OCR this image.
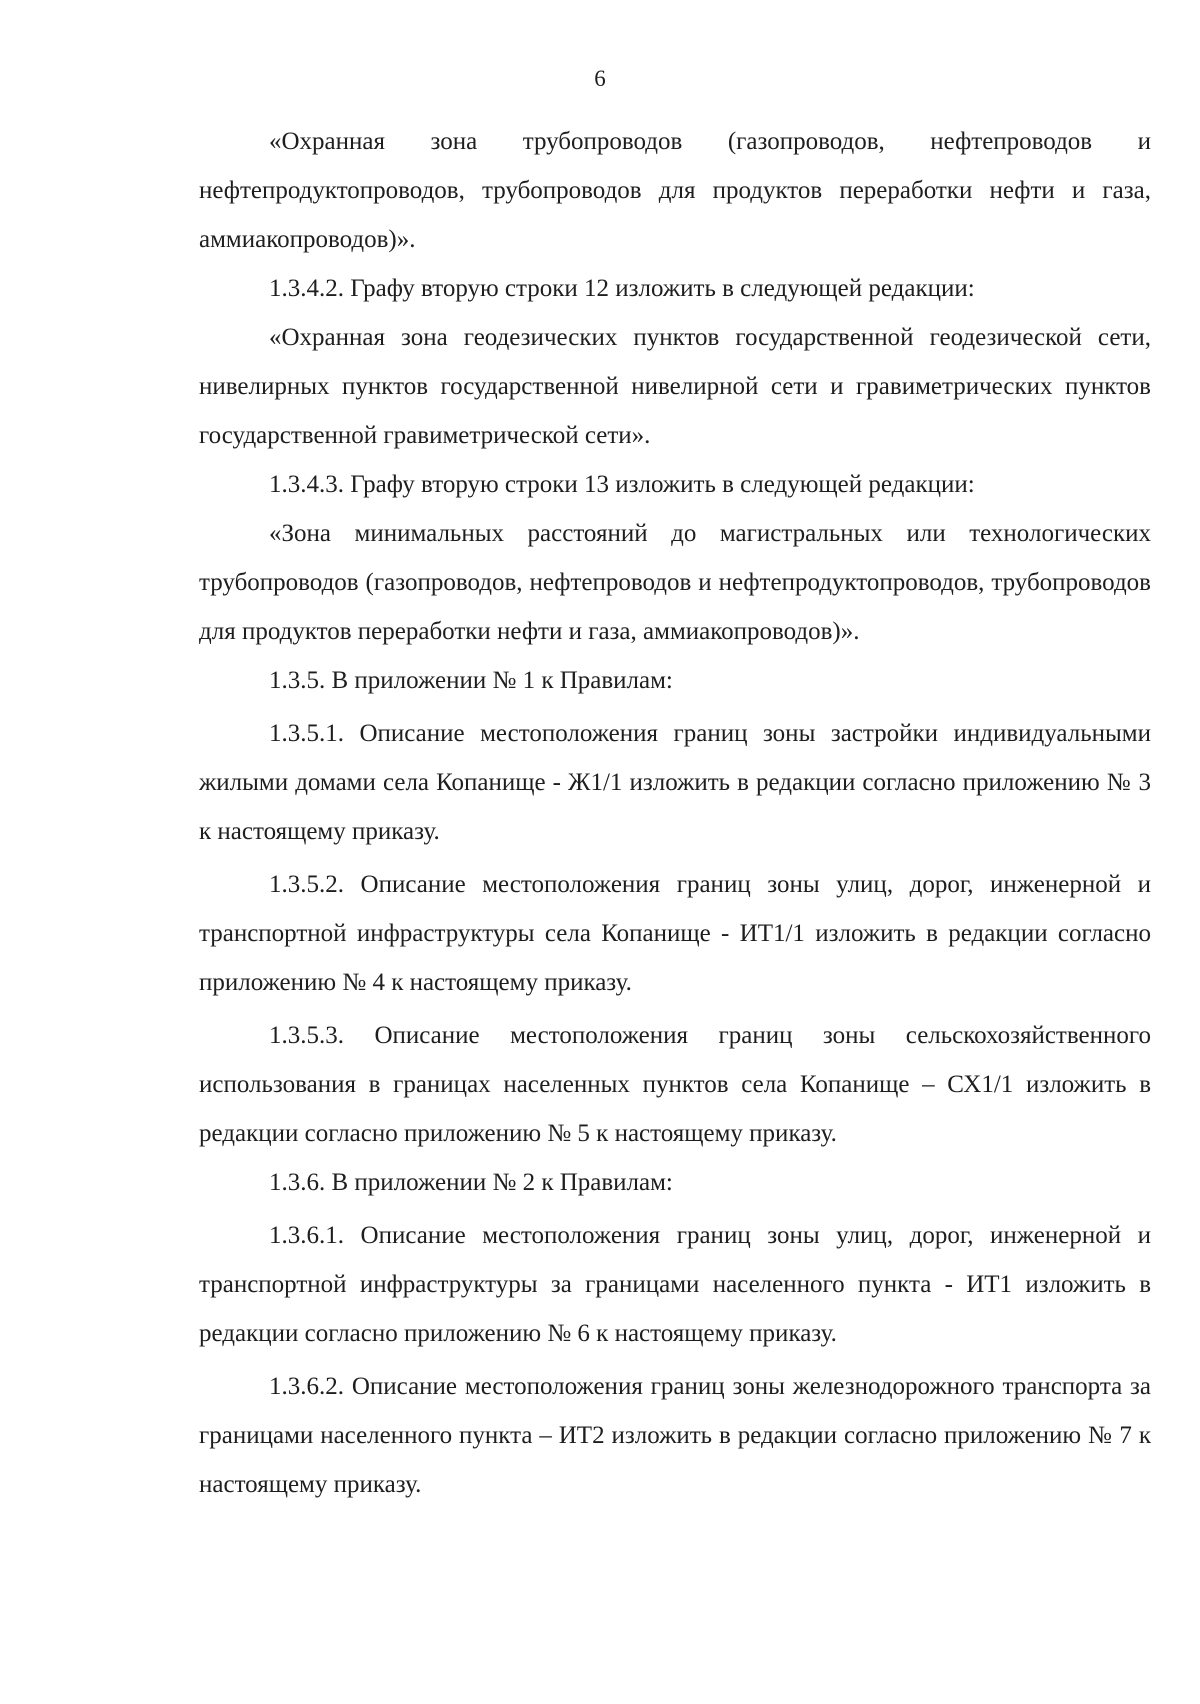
6

«Охранная зона трубопроводов (газопроводов, нефтепроводов и нефтепродуктопроводов, трубопроводов для продуктов переработки нефти и газа, аммиакопроводов)».

1.3.4.2. Графу вторую строки 12 изложить в следующей редакции:

«Охранная зона геодезических пунктов государственной геодезической сети, нивелирных пунктов государственной нивелирной сети и гравиметрических пунктов государственной гравиметрической сети».

1.3.4.3. Графу вторую строки 13 изложить в следующей редакции:

«Зона минимальных расстояний до магистральных или технологических трубопроводов (газопроводов, нефтепроводов и нефтепродуктопроводов, трубопроводов для продуктов переработки нефти и газа, аммиакопроводов)».

1.3.5. В приложении № 1 к Правилам:

1.3.5.1. Описание местоположения границ зоны застройки индивидуальными жилыми домами села Копанище - Ж1/1 изложить в редакции согласно приложению № 3 к настоящему приказу.

1.3.5.2. Описание местоположения границ зоны улиц, дорог, инженерной и транспортной инфраструктуры села Копанище - ИТ1/1 изложить в редакции согласно приложению № 4 к настоящему приказу.

1.3.5.3. Описание местоположения границ зоны сельскохозяйственного использования в границах населенных пунктов села Копанище – СХ1/1 изложить в редакции согласно приложению № 5 к настоящему приказу.

1.3.6. В приложении № 2 к Правилам:

1.3.6.1. Описание местоположения границ зоны улиц, дорог, инженерной и транспортной инфраструктуры за границами населенного пункта - ИТ1 изложить в редакции согласно приложению № 6 к настоящему приказу.

1.3.6.2. Описание местоположения границ зоны железнодорожного транспорта за границами населенного пункта – ИТ2 изложить в редакции согласно приложению № 7 к настоящему приказу.
